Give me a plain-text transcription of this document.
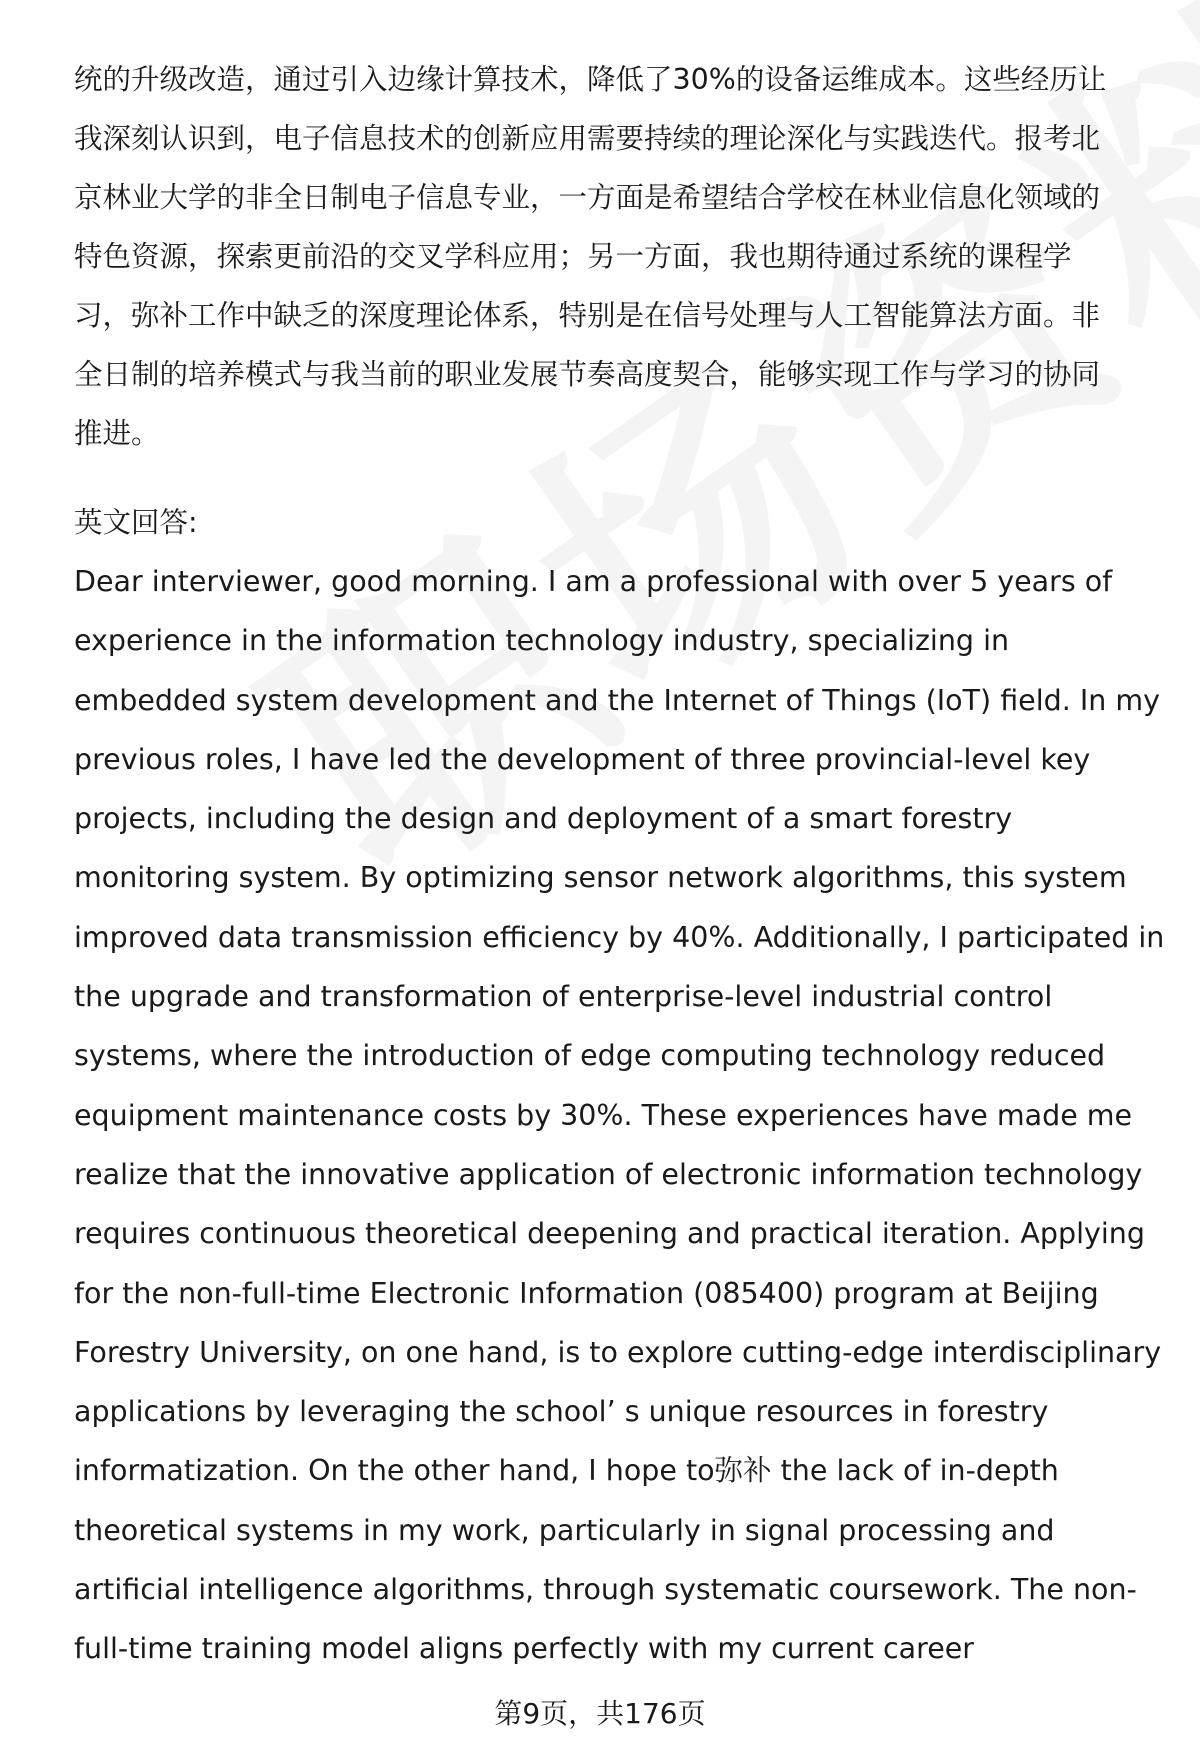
统的升级改造，通过引入边缘计算技术，降低了30%的设备运维成本。这些经历让
我深刻认识到，电子信息技术的创新应用需要持续的理论深化与实践迭代。报考北
京林业大学的非全日制电子信息专业，一方面是希望结合学校在林业信息化领域的
特色资源，探索更前沿的交叉学科应用；另一方面，我也期待通过系统的课程学
习，弥补工作中缺乏的深度理论体系，特别是在信号处理与人工智能算法方面。非
全日制的培养模式与我当前的职业发展节奏高度契合，能够实现工作与学习的协同
推进。

英文回答:

Dear interviewer, good morning. I am a professional with over 5 years of
experience in the information technology industry, specializing in
embedded system development and the Internet of Things (IoT) field. In my
previous roles, I have led the development of three provincial-level key
projects, including the design and deployment of a smart forestry
monitoring system. By optimizing sensor network algorithms, this system
improved data transmission efficiency by 40%. Additionally, I participated in
the upgrade and transformation of enterprise-level industrial control
systems, where the introduction of edge computing technology reduced
equipment maintenance costs by 30%. These experiences have made me
realize that the innovative application of electronic information technology
requires continuous theoretical deepening and practical iteration. Applying
for the non-full-time Electronic Information (085400) program at Beijing
Forestry University, on one hand, is to explore cutting-edge interdisciplinary
applications by leveraging the school’ s unique resources in forestry
informatization. On the other hand, I hope to弥补 the lack of in-depth
theoretical systems in my work, particularly in signal processing and
artificial intelligence algorithms, through systematic coursework. The non-
full-time training model aligns perfectly with my current career

第9页，共176页
